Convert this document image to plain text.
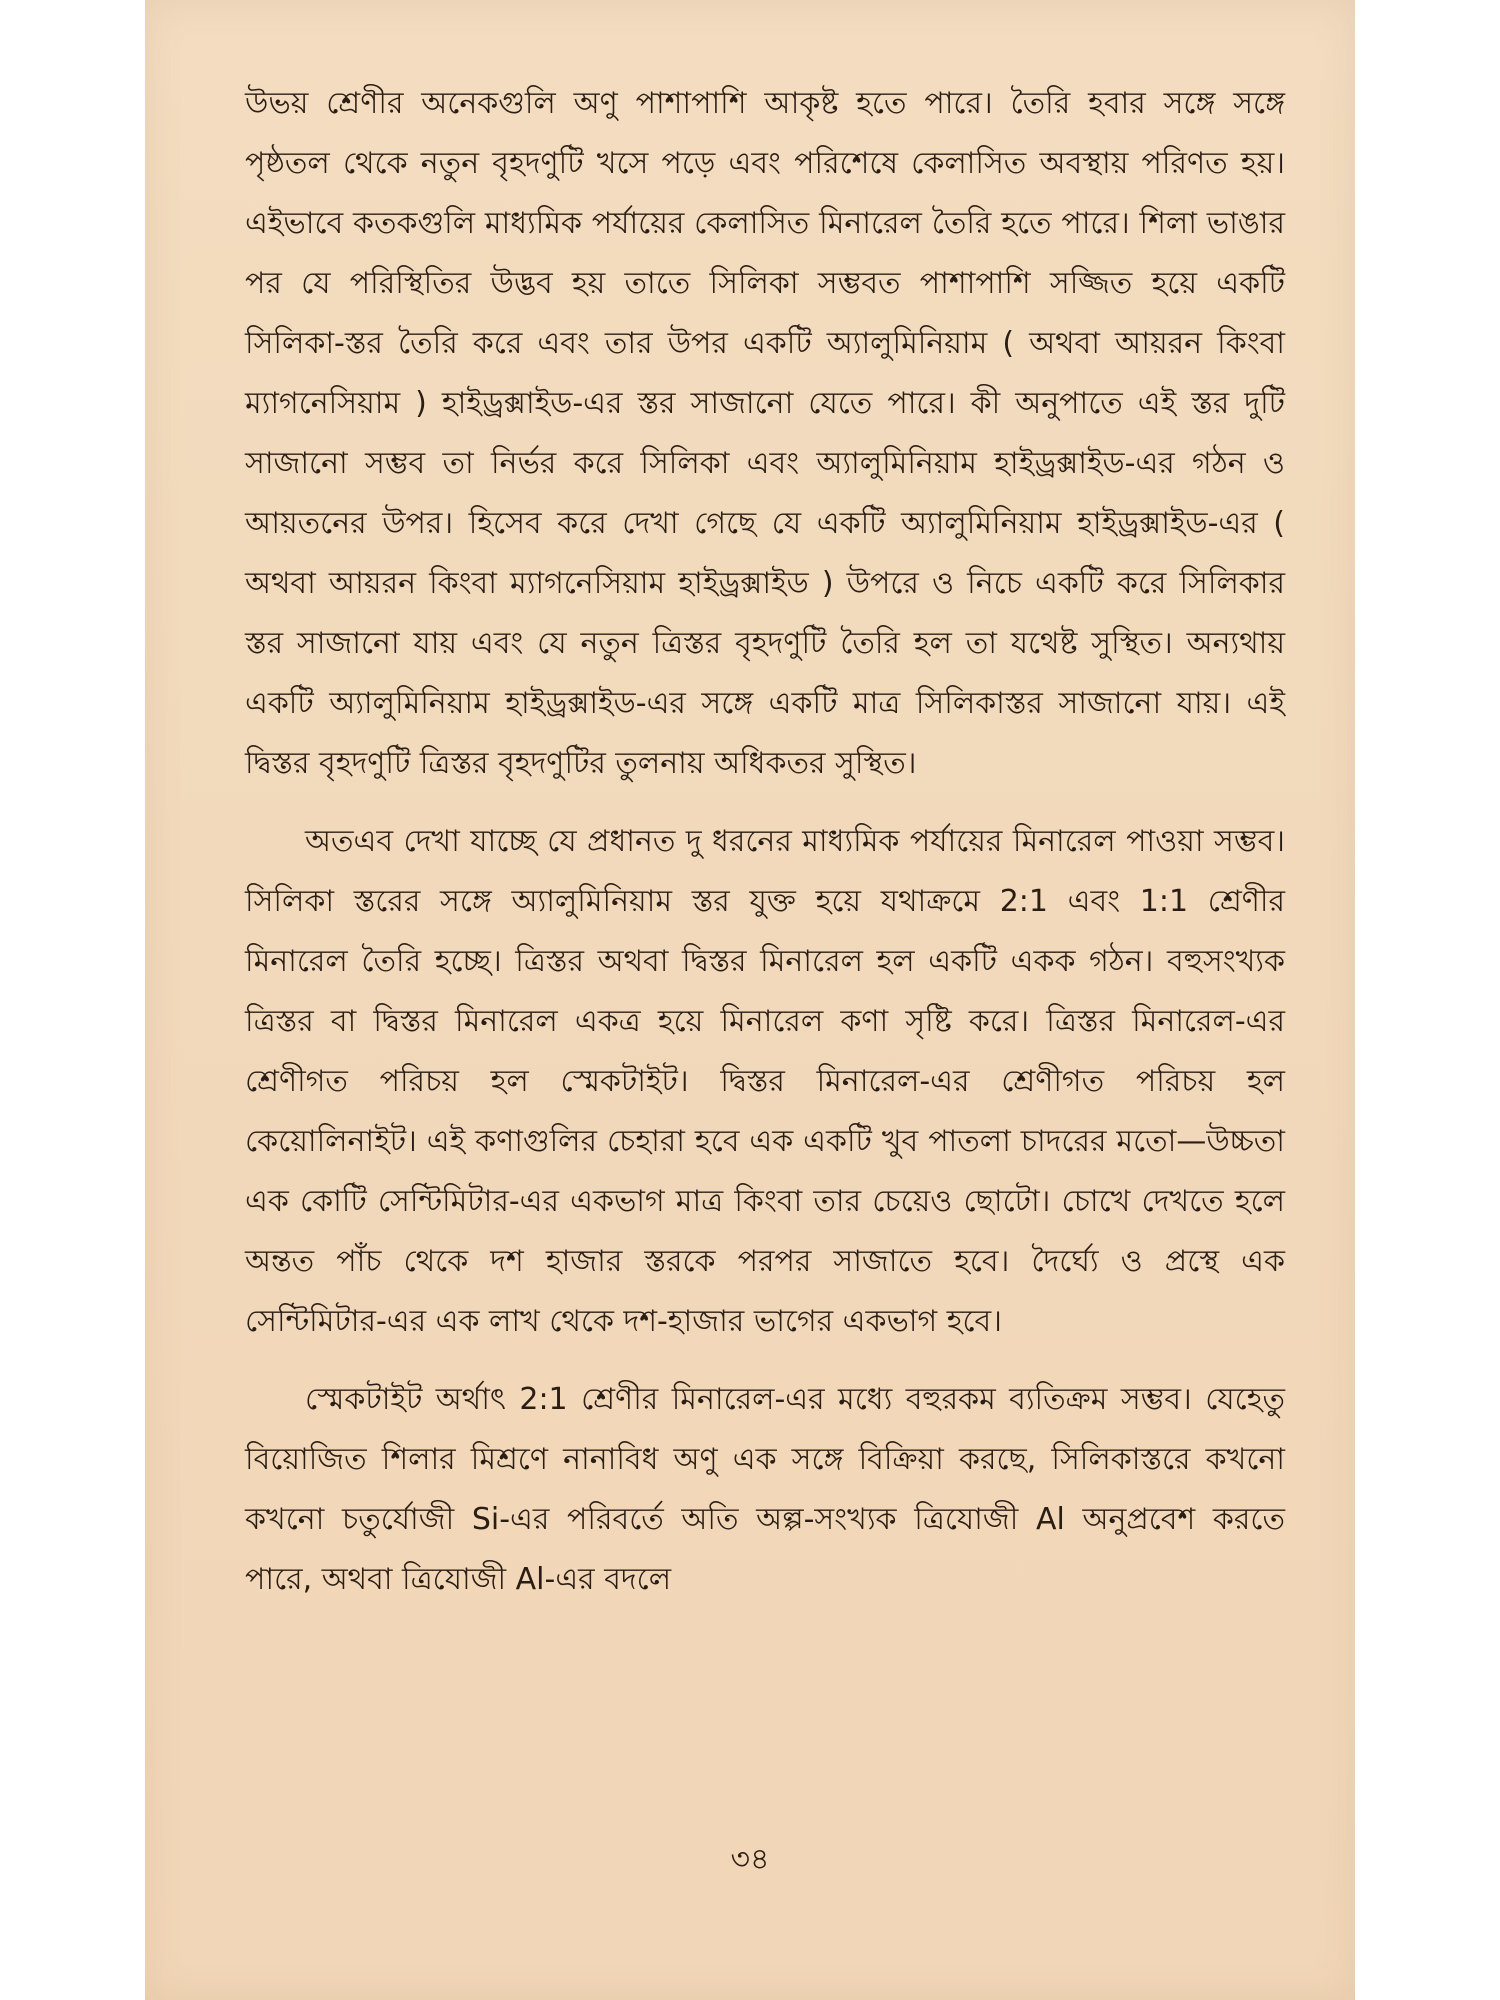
উভয় শ্রেণীর অনেকগুলি অণু পাশাপাশি আকৃষ্ট হতে পারে। তৈরি হবার সঙ্গে সঙ্গে পৃষ্ঠতল থেকে নতুন বৃহদণুটি খসে পড়ে এবং পরিশেষে কেলাসিত অবস্থায় পরিণত হয়। এইভাবে কতকগুলি মাধ্যমিক পর্যায়ের কেলাসিত মিনারেল তৈরি হতে পারে। শিলা ভাঙার পর যে পরিস্থিতির উদ্ভব হয় তাতে সিলিকা সম্ভবত পাশাপাশি সজ্জিত হয়ে একটি সিলিকা-স্তর তৈরি করে এবং তার উপর একটি অ্যালুমিনিয়াম ( অথবা আয়রন কিংবা ম্যাগনেসিয়াম ) হাইড্রক্সাইড-এর স্তর সাজানো যেতে পারে। কী অনুপাতে এই স্তর দুটি সাজানো সম্ভব তা নির্ভর করে সিলিকা এবং অ্যালুমিনিয়াম হাইড্রক্সাইড-এর গঠন ও আয়তনের উপর। হিসেব করে দেখা গেছে যে একটি অ্যালুমিনিয়াম হাইড্রক্সাইড-এর ( অথবা আয়রন কিংবা ম্যাগনেসিয়াম হাইড্রক্সাইড ) উপরে ও নিচে একটি করে সিলিকার স্তর সাজানো যায় এবং যে নতুন ত্রিস্তর বৃহদণুটি তৈরি হল তা যথেষ্ট সুস্থিত। অন্যথায় একটি অ্যালুমিনিয়াম হাইড্রক্সাইড-এর সঙ্গে একটি মাত্র সিলিকাস্তর সাজানো যায়। এই দ্বিস্তর বৃহদণুটি ত্রিস্তর বৃহদণুটির তুলনায় অধিকতর সুস্থিত।

অতএব দেখা যাচ্ছে যে প্রধানত দু ধরনের মাধ্যমিক পর্যায়ের মিনারেল পাওয়া সম্ভব। সিলিকা স্তরের সঙ্গে অ্যালুমিনিয়াম স্তর যুক্ত হয়ে যথাক্রমে 2:1 এবং 1:1 শ্রেণীর মিনারেল তৈরি হচ্ছে। ত্রিস্তর অথবা দ্বিস্তর মিনারেল হল একটি একক গঠন। বহুসংখ্যক ত্রিস্তর বা দ্বিস্তর মিনারেল একত্র হয়ে মিনারেল কণা সৃষ্টি করে। ত্রিস্তর মিনারেল-এর শ্রেণীগত পরিচয় হল স্মেকটাইট। দ্বিস্তর মিনারেল-এর শ্রেণীগত পরিচয় হল কেয়োলিনাইট। এই কণাগুলির চেহারা হবে এক একটি খুব পাতলা চাদরের মতো—উচ্চতা এক কোটি সেন্টিমিটার-এর একভাগ মাত্র কিংবা তার চেয়েও ছোটো। চোখে দেখতে হলে অন্তত পাঁচ থেকে দশ হাজার স্তরকে পরপর সাজাতে হবে। দৈর্ঘ্যে ও প্রস্থে এক সেন্টিমিটার-এর এক লাখ থেকে দশ-হাজার ভাগের একভাগ হবে।

স্মেকটাইট অর্থাৎ 2:1 শ্রেণীর মিনারেল-এর মধ্যে বহুরকম ব্যতিক্রম সম্ভব। যেহেতু বিয়োজিত শিলার মিশ্রণে নানাবিধ অণু এক সঙ্গে বিক্রিয়া করছে, সিলিকাস্তরে কখনো কখনো চতুর্যোজী Si-এর পরিবর্তে অতি অল্প-সংখ্যক ত্রিযোজী Al অনুপ্রবেশ করতে পারে, অথবা ত্রিযোজী Al-এর বদলে

৩৪
